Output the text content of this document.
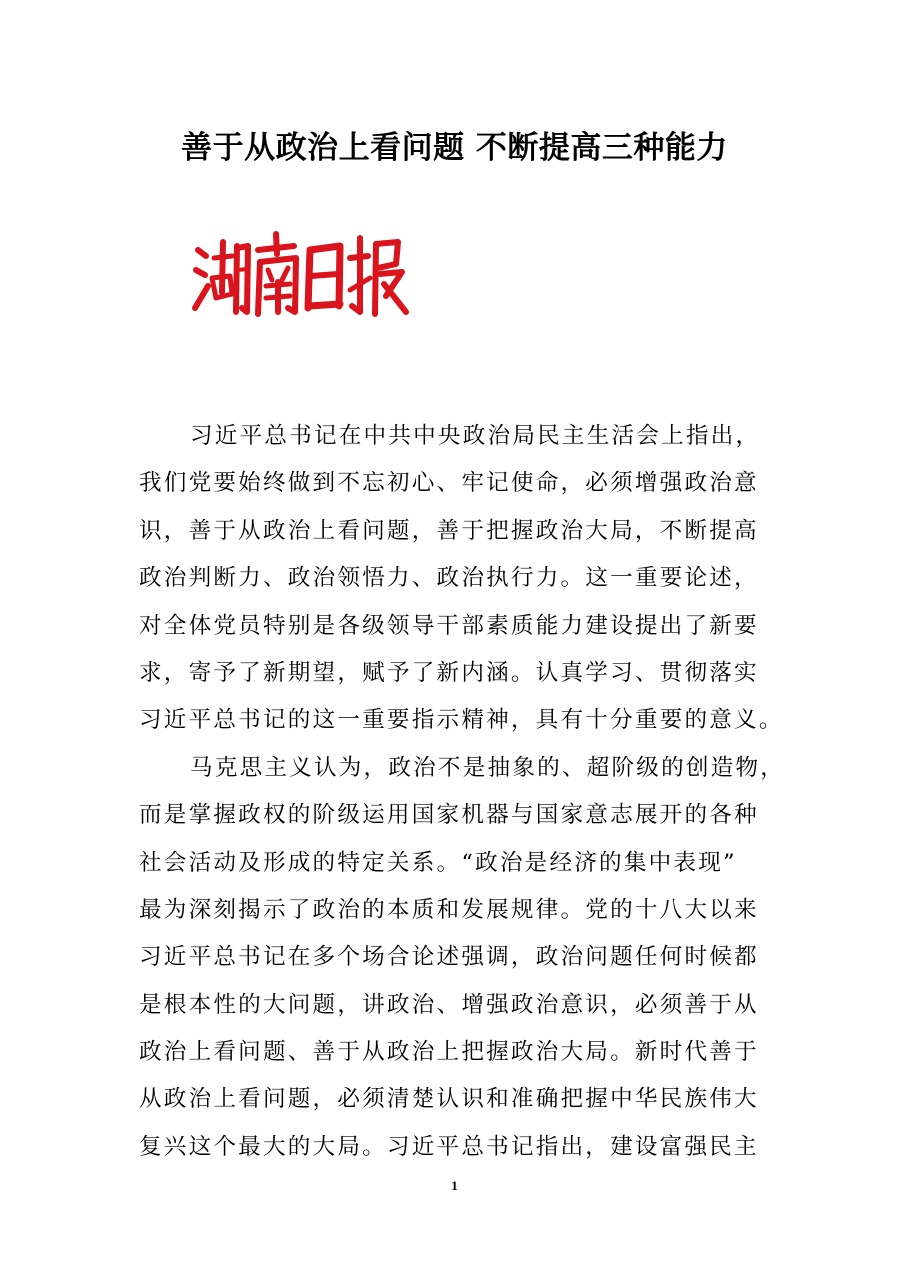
善于从政治上看问题 不断提高三种能力
习近平总书记在中共中央政治局民主生活会上指出，
我们党要始终做到不忘初心、牢记使命，必须增强政治意
识，善于从政治上看问题，善于把握政治大局，不断提高
政治判断力、政治领悟力、政治执行力。这一重要论述，
对全体党员特别是各级领导干部素质能力建设提出了新要
求，寄予了新期望，赋予了新内涵。认真学习、贯彻落实
习近平总书记的这一重要指示精神，具有十分重要的意义。
马克思主义认为，政治不是抽象的、超阶级的创造物，
而是掌握政权的阶级运用国家机器与国家意志展开的各种
社会活动及形成的特定关系。“政治是经济的集中表现”
最为深刻揭示了政治的本质和发展规律。党的十八大以来
习近平总书记在多个场合论述强调，政治问题任何时候都
是根本性的大问题，讲政治、增强政治意识，必须善于从
政治上看问题、善于从政治上把握政治大局。新时代善于
从政治上看问题，必须清楚认识和准确把握中华民族伟大
复兴这个最大的大局。习近平总书记指出，建设富强民主
1
